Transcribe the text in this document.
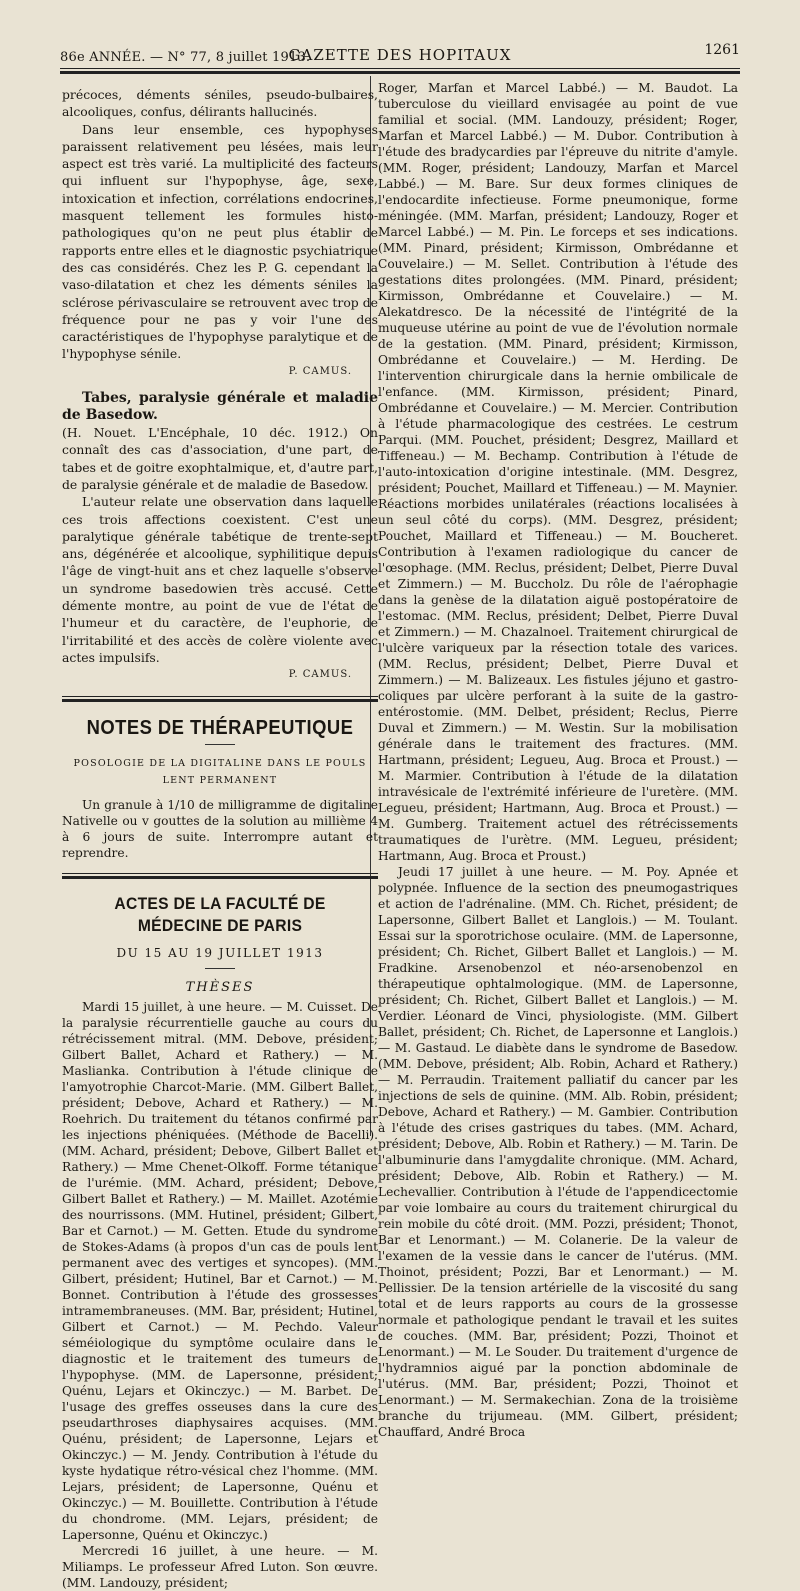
86e ANNÉE. — N° 77, 8 juillet 1913.
GAZETTE DES HOPITAUX	1261

précoces, déments séniles, pseudo-bulbaires, alcooliques, confus, délirants hallucinés.

Dans leur ensemble, ces hypophyses paraissent relativement peu lésées, mais leur aspect est très varié. La multiplicité des facteurs qui influent sur l'hypophyse, âge, sexe, intoxication et infection, corrélations endocrines, masquent tellement les formules histo-pathologiques qu'on ne peut plus établir de rapports entre elles et le diagnostic psychiatrique des cas considérés. Chez les P. G. cependant la vaso-dilatation et chez les déments séniles la sclérose périvasculaire se retrouvent avec trop de fréquence pour ne pas y voir l'une des caractéristiques de l'hypophyse paralytique et de l'hypophyse sénile.

P. CAMUS.

Tabes, paralysie générale et maladie de Basedow.

(H. Nouet. L'Encéphale, 10 déc. 1912.) On connaît des cas d'association, d'une part, de tabes et de goitre exophtalmique, et, d'autre part, de paralysie générale et de maladie de Basedow.

L'auteur relate une observation dans laquelle ces trois affections coexistent. C'est une paralytique générale tabétique de trente-sept ans, dégénérée et alcoolique, syphilitique depuis l'âge de vingt-huit ans et chez laquelle s'observe un syndrome basedowien très accusé. Cette démente montre, au point de vue de l'état de l'humeur et du caractère, de l'euphorie, de l'irritabilité et des accès de colère violente avec actes impulsifs.

P. CAMUS.

NOTES DE THÉRAPEUTIQUE
POSOLOGIE DE LA DIGITALINE DANS LE POULS LENT PERMANENT

Un granule à 1/10 de milligramme de digitaline Nativelle ou v gouttes de la solution au millième 4 à 6 jours de suite. Interrompre autant et reprendre.

ACTES DE LA FACULTÉ DE MÉDECINE DE PARIS
DU 15 AU 19 JUILLET 1913
THÈSES

Mardi 15 juillet, à une heure. — M. Cuisset. De la paralysie récurrentielle gauche au cours du rétrécissement mitral. (MM. Debove, président; Gilbert Ballet, Achard et Rathery.) — M. Maslianka. Contribution à l'étude clinique de l'amyotrophie Charcot-Marie. (MM. Gilbert Ballet, président; Debove, Achard et Rathery.) — M. Roehrich. Du traitement du tétanos confirmé par les injections phéniquées. (Méthode de Bacelli). (MM. Achard, président; Debove, Gilbert Ballet et Rathery.) — Mme Chenet-Olkoff. Forme tétanique de l'urémie. (MM. Achard, président; Debove, Gilbert Ballet et Rathery.) — M. Maillet. Azotémie des nourrissons. (MM. Hutinel, président; Gilbert, Bar et Carnot.) — M. Getten. Etude du syndrome de Stokes-Adams (à propos d'un cas de pouls lent permanent avec des vertiges et syncopes). (MM. Gilbert, président; Hutinel, Bar et Carnot.) — M. Bonnet. Contribution à l'étude des grossesses intramembraneuses. (MM. Bar, président; Hutinel, Gilbert et Carnot.) — M. Pechdo. Valeur séméiologique du symptôme oculaire dans le diagnostic et le traitement des tumeurs de l'hypophyse. (MM. de Lapersonne, président; Quénu, Lejars et Okinczyc.) — M. Barbet. De l'usage des greffes osseuses dans la cure des pseudarthroses diaphysaires acquises. (MM. Quénu, président; de Lapersonne, Lejars et Okinczyc.) — M. Jendy. Contribution à l'étude du kyste hydatique rétro-vésical chez l'homme. (MM. Lejars, président; de Lapersonne, Quénu et Okinczyc.) — M. Bouillette. Contribution à l'étude du chondrome. (MM. Lejars, président; de Lapersonne, Quénu et Okinczyc.)

Mercredi 16 juillet, à une heure. — M. Miliamps. Le professeur Afred Luton. Son œuvre. (MM. Landouzy, président;

Roger, Marfan et Marcel Labbé.) — M. Baudot. La tuberculose du vieillard envisagée au point de vue familial et social. (MM. Landouzy, président; Roger, Marfan et Marcel Labbé.) — M. Dubor. Contribution à l'étude des bradycardies par l'épreuve du nitrite d'amyle. (MM. Roger, président; Landouzy, Marfan et Marcel Labbé.) — M. Bare. Sur deux formes cliniques de l'endocardite infectieuse. Forme pneumonique, forme méningée. (MM. Marfan, président; Landouzy, Roger et Marcel Labbé.) — M. Pin. Le forceps et ses indications. (MM. Pinard, président; Kirmisson, Ombrédanne et Couvelaire.) — M. Sellet. Contribution à l'étude des gestations dites prolongées. (MM. Pinard, président; Kirmisson, Ombrédanne et Couvelaire.) — M. Alekatdresco. De la nécessité de l'intégrité de la muqueuse utérine au point de vue de l'évolution normale de la gestation. (MM. Pinard, président; Kirmisson, Ombrédanne et Couvelaire.) — M. Herding. De l'intervention chirurgicale dans la hernie ombilicale de l'enfance. (MM. Kirmisson, président; Pinard, Ombrédanne et Couvelaire.) — M. Mercier. Contribution à l'étude pharmacologique des cestrées. Le cestrum Parqui. (MM. Pouchet, président; Desgrez, Maillard et Tiffeneau.) — M. Bechamp. Contribution à l'étude de l'auto-intoxication d'origine intestinale. (MM. Desgrez, président; Pouchet, Maillard et Tiffeneau.) — M. Maynier. Réactions morbides unilatérales (réactions localisées à un seul côté du corps). (MM. Desgrez, président; Pouchet, Maillard et Tiffeneau.) — M. Boucheret. Contribution à l'examen radiologique du cancer de l'œsophage. (MM. Reclus, président; Delbet, Pierre Duval et Zimmern.) — M. Buccholz. Du rôle de l'aérophagie dans la genèse de la dilatation aiguë postopératoire de l'estomac. (MM. Reclus, président; Delbet, Pierre Duval et Zimmern.) — M. Chazalnoel. Traitement chirurgical de l'ulcère variqueux par la résection totale des varices. (MM. Reclus, président; Delbet, Pierre Duval et Zimmern.) — M. Balizeaux. Les fistules jéjuno et gastro-coliques par ulcère perforant à la suite de la gastro-entérostomie. (MM. Delbet, président; Reclus, Pierre Duval et Zimmern.) — M. Westin. Sur la mobilisation générale dans le traitement des fractures. (MM. Hartmann, président; Legueu, Aug. Broca et Proust.) — M. Marmier. Contribution à l'étude de la dilatation intravésicale de l'extrémité inférieure de l'uretère. (MM. Legueu, président; Hartmann, Aug. Broca et Proust.) — M. Gumberg. Traitement actuel des rétrécissements traumatiques de l'urètre. (MM. Legueu, président; Hartmann, Aug. Broca et Proust.)

Jeudi 17 juillet à une heure. — M. Poy. Apnée et polypnée. Influence de la section des pneumogastriques et action de l'adrénaline. (MM. Ch. Richet, président; de Lapersonne, Gilbert Ballet et Langlois.) — M. Toulant. Essai sur la sporotrichose oculaire. (MM. de Lapersonne, président; Ch. Richet, Gilbert Ballet et Langlois.) — M. Fradkine. Arsenobenzol et néo-arsenobenzol en thérapeutique ophtalmologique. (MM. de Lapersonne, président; Ch. Richet, Gilbert Ballet et Langlois.) — M. Verdier. Léonard de Vinci, physiologiste. (MM. Gilbert Ballet, président; Ch. Richet, de Lapersonne et Langlois.) — M. Gastaud. Le diabète dans le syndrome de Basedow. (MM. Debove, président; Alb. Robin, Achard et Rathery.) — M. Perraudin. Traitement palliatif du cancer par les injections de sels de quinine. (MM. Alb. Robin, président; Debove, Achard et Rathery.) — M. Gambier. Contribution à l'étude des crises gastriques du tabes. (MM. Achard, président; Debove, Alb. Robin et Rathery.) — M. Tarin. De l'albuminurie dans l'amygdalite chronique. (MM. Achard, président; Debove, Alb. Robin et Rathery.) — M. Lechevallier. Contribution à l'étude de l'appendicectomie par voie lombaire au cours du traitement chirurgical du rein mobile du côté droit. (MM. Pozzi, président; Thonot, Bar et Lenormant.) — M. Colanerie. De la valeur de l'examen de la vessie dans le cancer de l'utérus. (MM. Thoinot, président; Pozzi, Bar et Lenormant.) — M. Pellissier. De la tension artérielle de la viscosité du sang total et de leurs rapports au cours de la grossesse normale et pathologique pendant le travail et les suites de couches. (MM. Bar, président; Pozzi, Thoinot et Lenormant.) — M. Le Souder. Du traitement d'urgence de l'hydramnios aigué par la ponction abdominale de l'utérus. (MM. Bar, président; Pozzi, Thoinot et Lenormant.) — M. Sermakechian. Zona de la troisième branche du trijumeau. (MM. Gilbert, président; Chauffard, André Broca
